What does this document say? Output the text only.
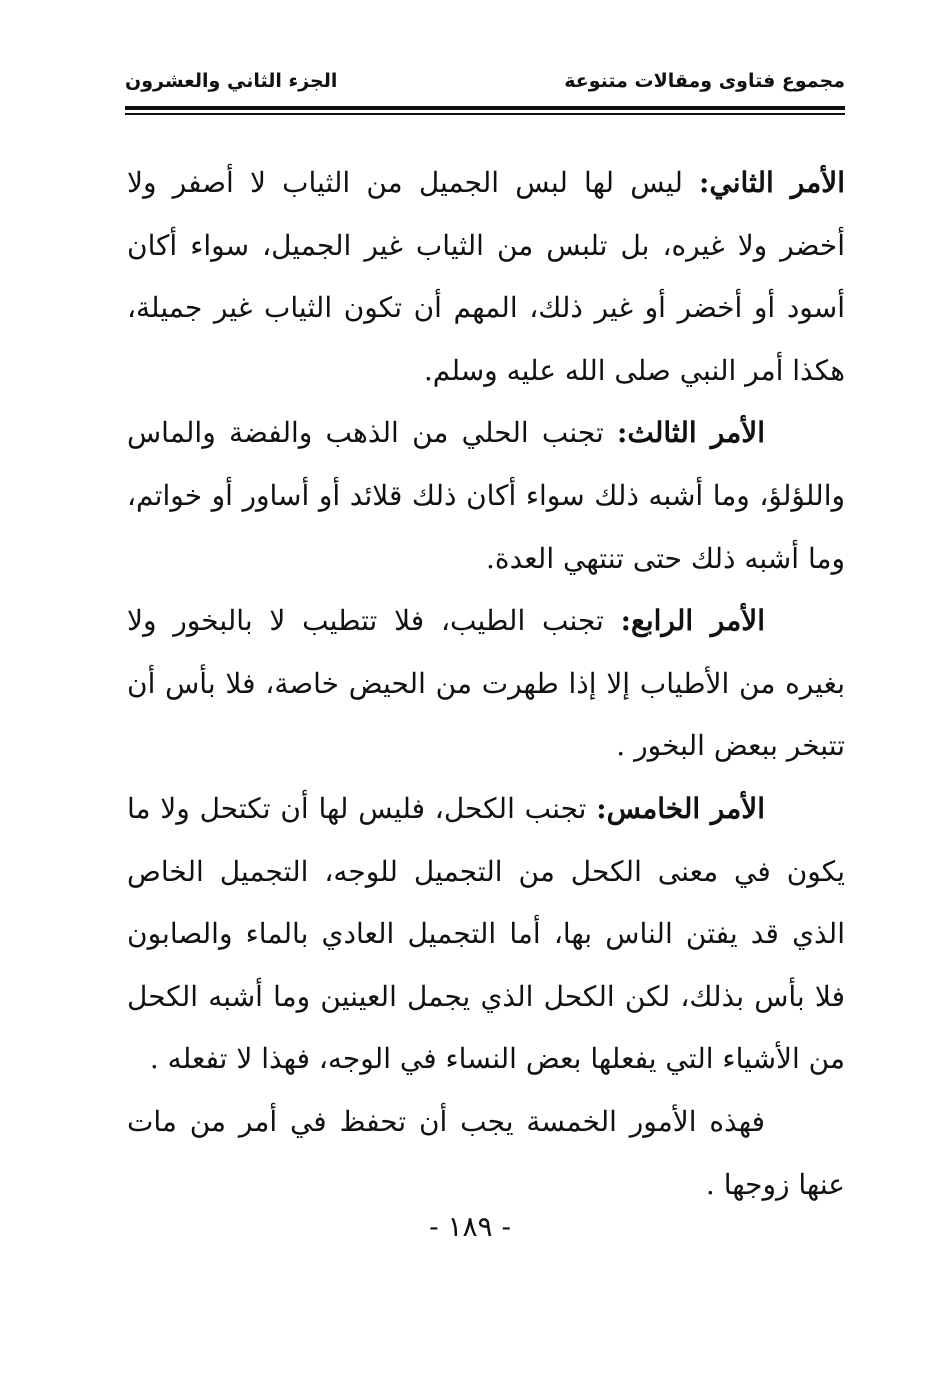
مجموع فتاوى ومقالات متنوعة
الجزء الثاني والعشرون

الأمر الثاني: ليس لها لبس الجميل من الثياب لا أصفر ولا أخضر ولا غيره، بل تلبس من الثياب غير الجميل، سواء أكان أسود أو أخضر أو غير ذلك، المهم أن تكون الثياب غير جميلة، هكذا أمر النبي صلى الله عليه وسلم.

الأمر الثالث: تجنب الحلي من الذهب والفضة والماس واللؤلؤ، وما أشبه ذلك سواء أكان ذلك قلائد أو أساور أو خواتم، وما أشبه ذلك حتى تنتهي العدة.

الأمر الرابع: تجنب الطيب، فلا تتطيب لا بالبخور ولا بغيره من الأطياب إلا إذا طهرت من الحيض خاصة، فلا بأس أن تتبخر ببعض البخور .

الأمر الخامس: تجنب الكحل، فليس لها أن تكتحل ولا ما يكون في معنى الكحل من التجميل للوجه، التجميل الخاص الذي قد يفتن الناس بها، أما التجميل العادي بالماء والصابون فلا بأس بذلك، لكن الكحل الذي يجمل العينين وما أشبه الكحل من الأشياء التي يفعلها بعض النساء في الوجه، فهذا لا تفعله .

فهذه الأمور الخمسة يجب أن تحفظ في أمر من مات عنها زوجها .

- ١٨٩ -
